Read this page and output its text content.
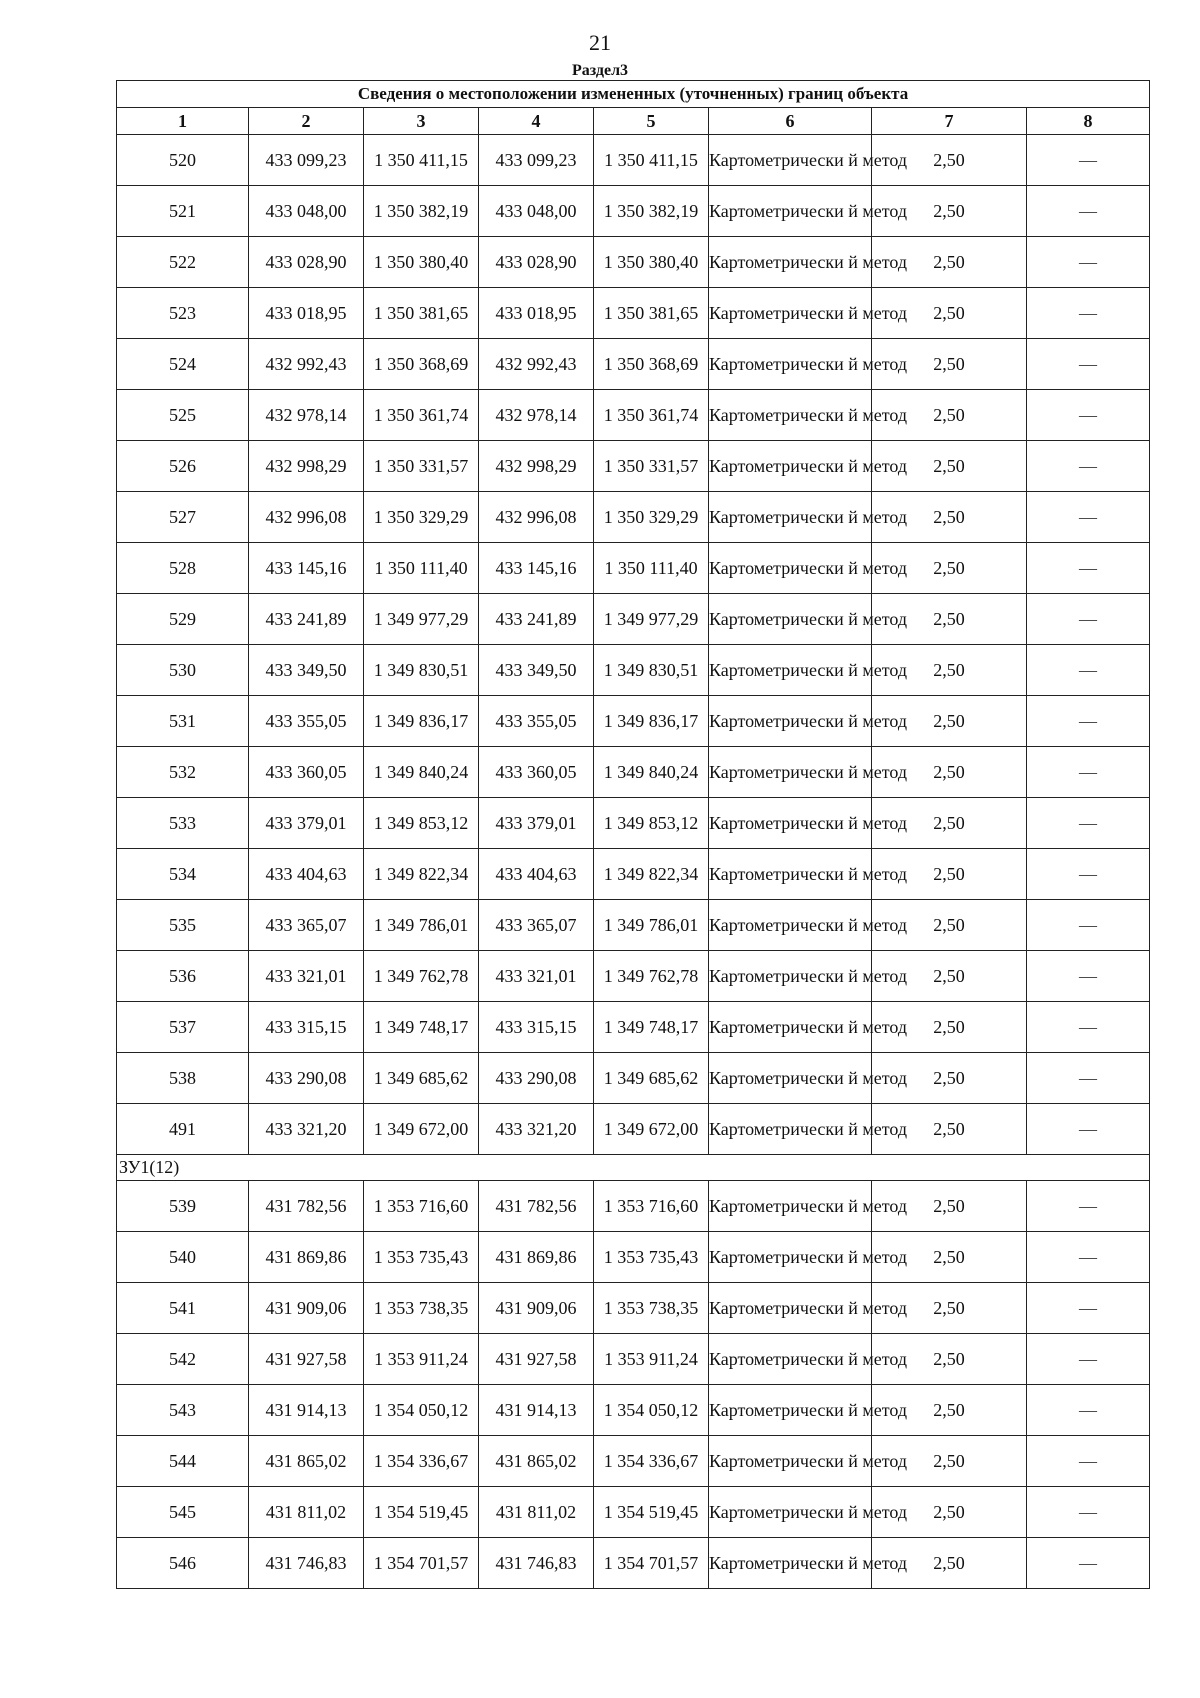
21
Раздел3
Сведения о местоположении измененных (уточненных) границ объекта							
1	2	3	4	5	6	7	8
520	433 099,23	1 350 411,15	433 099,23	1 350 411,15	Картометрически й метод	2,50	—
521	433 048,00	1 350 382,19	433 048,00	1 350 382,19	Картометрически й метод	2,50	—
522	433 028,90	1 350 380,40	433 028,90	1 350 380,40	Картометрически й метод	2,50	—
523	433 018,95	1 350 381,65	433 018,95	1 350 381,65	Картометрически й метод	2,50	—
524	432 992,43	1 350 368,69	432 992,43	1 350 368,69	Картометрически й метод	2,50	—
525	432 978,14	1 350 361,74	432 978,14	1 350 361,74	Картометрически й метод	2,50	—
526	432 998,29	1 350 331,57	432 998,29	1 350 331,57	Картометрически й метод	2,50	—
527	432 996,08	1 350 329,29	432 996,08	1 350 329,29	Картометрически й метод	2,50	—
528	433 145,16	1 350 111,40	433 145,16	1 350 111,40	Картометрически й метод	2,50	—
529	433 241,89	1 349 977,29	433 241,89	1 349 977,29	Картометрически й метод	2,50	—
530	433 349,50	1 349 830,51	433 349,50	1 349 830,51	Картометрически й метод	2,50	—
531	433 355,05	1 349 836,17	433 355,05	1 349 836,17	Картометрически й метод	2,50	—
532	433 360,05	1 349 840,24	433 360,05	1 349 840,24	Картометрически й метод	2,50	—
533	433 379,01	1 349 853,12	433 379,01	1 349 853,12	Картометрически й метод	2,50	—
534	433 404,63	1 349 822,34	433 404,63	1 349 822,34	Картометрически й метод	2,50	—
535	433 365,07	1 349 786,01	433 365,07	1 349 786,01	Картометрически й метод	2,50	—
536	433 321,01	1 349 762,78	433 321,01	1 349 762,78	Картометрически й метод	2,50	—
537	433 315,15	1 349 748,17	433 315,15	1 349 748,17	Картометрически й метод	2,50	—
538	433 290,08	1 349 685,62	433 290,08	1 349 685,62	Картометрически й метод	2,50	—
491	433 321,20	1 349 672,00	433 321,20	1 349 672,00	Картометрически й метод	2,50	—
ЗУ1(12)							
539	431 782,56	1 353 716,60	431 782,56	1 353 716,60	Картометрически й метод	2,50	—
540	431 869,86	1 353 735,43	431 869,86	1 353 735,43	Картометрически й метод	2,50	—
541	431 909,06	1 353 738,35	431 909,06	1 353 738,35	Картометрически й метод	2,50	—
542	431 927,58	1 353 911,24	431 927,58	1 353 911,24	Картометрически й метод	2,50	—
543	431 914,13	1 354 050,12	431 914,13	1 354 050,12	Картометрически й метод	2,50	—
544	431 865,02	1 354 336,67	431 865,02	1 354 336,67	Картометрически й метод	2,50	—
545	431 811,02	1 354 519,45	431 811,02	1 354 519,45	Картометрически й метод	2,50	—
546	431 746,83	1 354 701,57	431 746,83	1 354 701,57	Картометрически й метод	2,50	—
